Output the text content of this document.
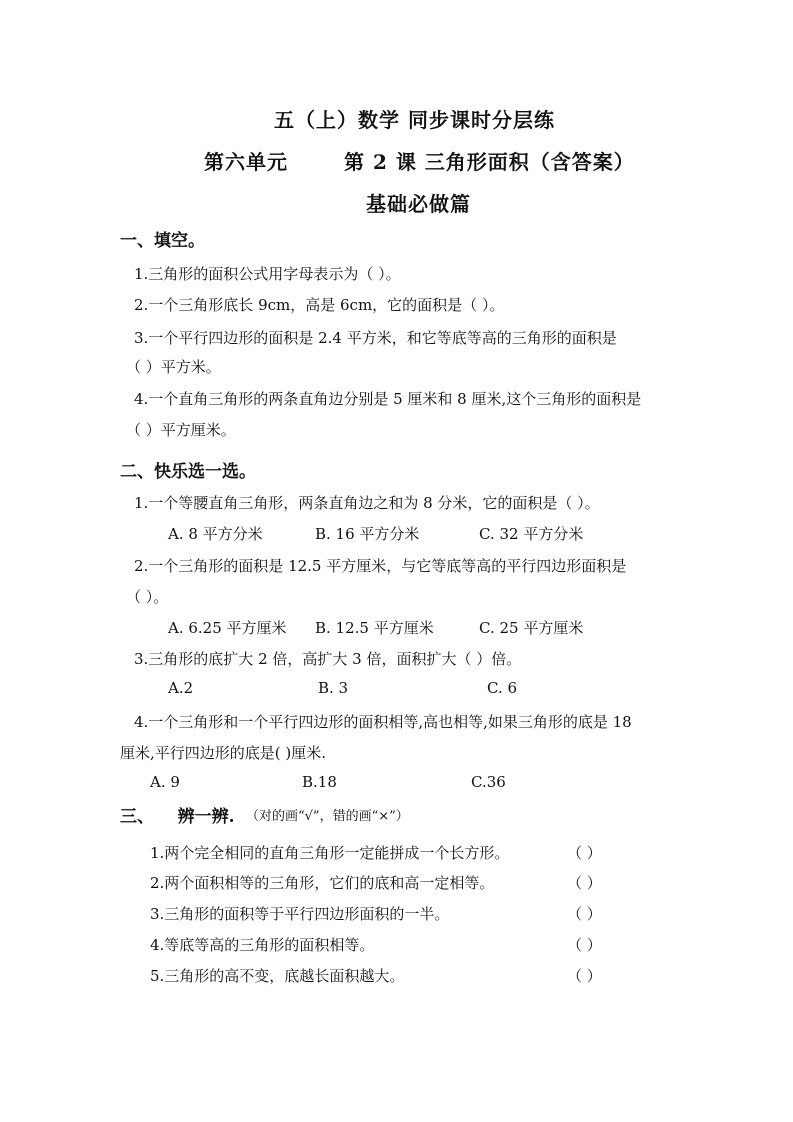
五（上）数学 同步课时分层练
第六单元	第 2 课 三角形面积（含答案）
基础必做篇
一、填空。
1.三角形的面积公式用字母表示为（ ）。
2.一个三角形底长 9cm，高是 6cm，它的面积是（ ）。
3.一个平行四边形的面积是 2.4 平方米，和它等底等高的三角形的面积是
（ ）平方米。
4.一个直角三角形的两条直角边分别是 5 厘米和 8 厘米,这个三角形的面积是
（ ）平方厘米。
二、快乐选一选。
1.一个等腰直角三角形，两条直角边之和为 8 分米，它的面积是（ ）。
A. 8 平方分米	B. 16 平方分米	C. 32 平方分米
2.一个三角形的面积是 12.5 平方厘米，与它等底等高的平行四边形面积是
（ ）。
A. 6.25 平方厘米 B. 12.5 平方厘米	C. 25 平方厘米
3.三角形的底扩大 2 倍，高扩大 3 倍，面积扩大（ ）倍。
A.2	B. 3	C. 6
4.一个三角形和一个平行四边形的面积相等,高也相等,如果三角形的底是 18
厘米,平行四边形的底是( )厘米.
A. 9	B.18	C.36
三、    辨一辨. （对的画“√”，错的画“×”）
1.两个完全相同的直角三角形一定能拼成一个长方形。	（ ）
2.两个面积相等的三角形，它们的底和高一定相等。	（ ）
3.三角形的面积等于平行四边形面积的一半。	（ ）
4.等底等高的三角形的面积相等。	（ ）
5.三角形的高不变，底越长面积越大。	（ ）
